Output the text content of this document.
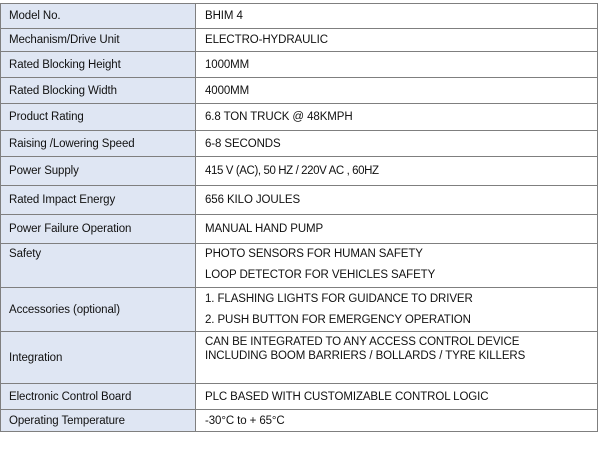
Model No.	BHIM 4
Mechanism/Drive Unit	ELECTRO-HYDRAULIC
Rated Blocking Height	1000MM
Rated Blocking Width	4000MM
Product Rating	6.8 TON TRUCK @ 48KMPH
Raising /Lowering Speed	6-8 SECONDS
Power Supply	415 V (AC), 50 HZ / 220V AC , 60HZ
Rated Impact Energy	656 KILO JOULES
Power Failure Operation	MANUAL HAND PUMP
Safety	PHOTO SENSORS FOR HUMAN SAFETY
LOOP DETECTOR FOR VEHICLES SAFETY

Accessories (optional)	1. FLASHING LIGHTS FOR GUIDANCE TO DRIVER
2. PUSH BUTTON FOR EMERGENCY OPERATION

Integration	CAN BE INTEGRATED TO ANY ACCESS CONTROL DEVICE
INCLUDING BOOM BARRIERS / BOLLARDS / TYRE KILLERS

Electronic Control Board	PLC BASED WITH CUSTOMIZABLE CONTROL LOGIC
Operating Temperature	-30°C to + 65°C
